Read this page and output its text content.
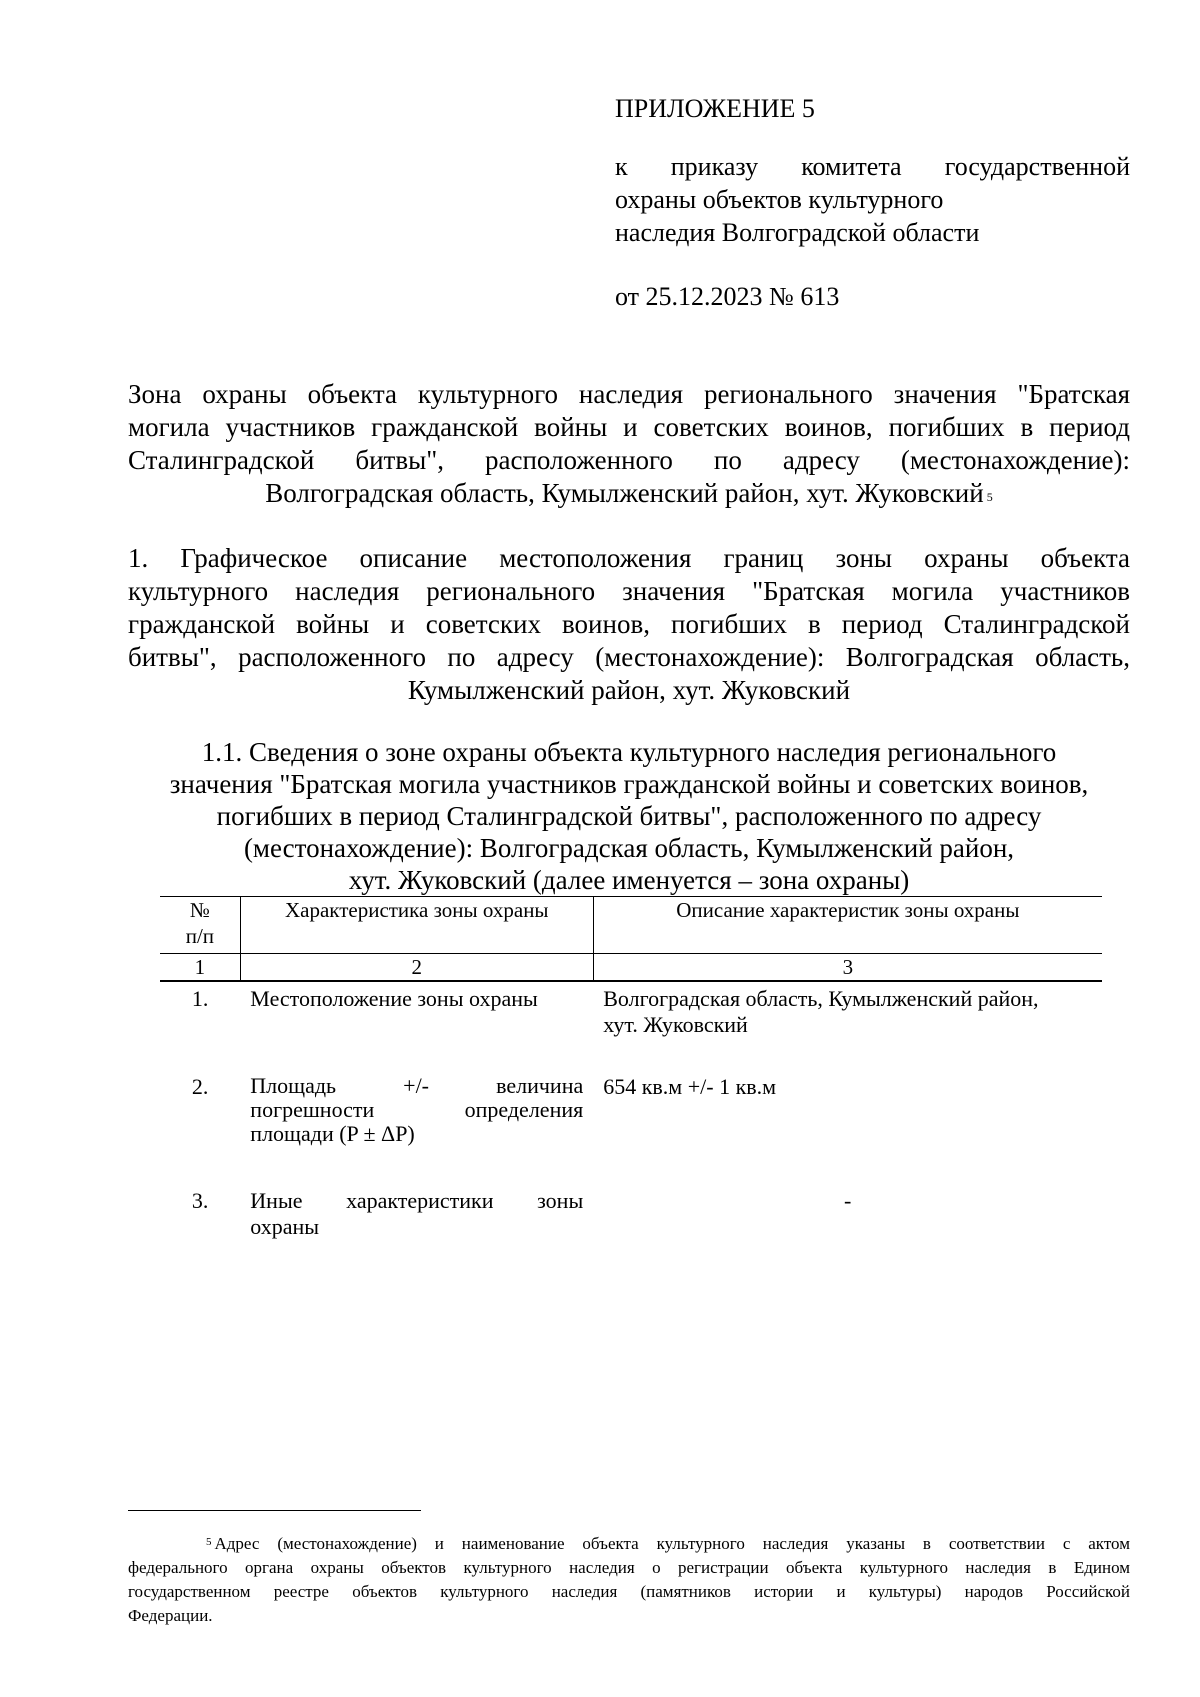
ПРИЛОЖЕНИЕ 5
к приказу комитета государственной
охраны объектов культурного
наследия Волгоградской области
от 25.12.2023 № 613
Зона охраны объекта культурного наследия регионального значения "Братская
могила участников гражданской войны и советских воинов, погибших в период
Сталинградской битвы", расположенного по адресу (местонахождение):
Волгоградская область, Кумылженский район, хут. Жуковский $^5$
1. Графическое описание местоположения границ зоны охраны объекта
культурного наследия регионального значения "Братская могила участников
гражданской войны и советских воинов, погибших в период Сталинградской
битвы", расположенного по адресу (местонахождение): Волгоградская область,
Кумылженский район, хут. Жуковский
1.1. Сведения о зоне охраны объекта культурного наследия регионального
значения "Братская могила участников гражданской войны и советских воинов,
погибших в период Сталинградской битвы", расположенного по адресу
(местонахождение): Волгоградская область, Кумылженский район,
хут. Жуковский (далее именуется – зона охраны)
№
п/п	Характеристика зоны охраны	Описание характеристик зоны охраны
1	2	3
1.	Местоположение зоны охраны	Волгоградская область, Кумылженский район,
хут. Жуковский

2.	Площадь +/- величина
погрешности определения
площади (P ± ΔP)	654 кв.м +/- 1 кв.м
3.	Иные характеристики зоны
охраны	-
$^5$ Адрес (местонахождение) и наименование объекта культурного наследия указаны в соответствии с актом
федерального органа охраны объектов культурного наследия о регистрации объекта культурного наследия в Едином
государственном реестре объектов культурного наследия (памятников истории и культуры) народов Российской
Федерации.
